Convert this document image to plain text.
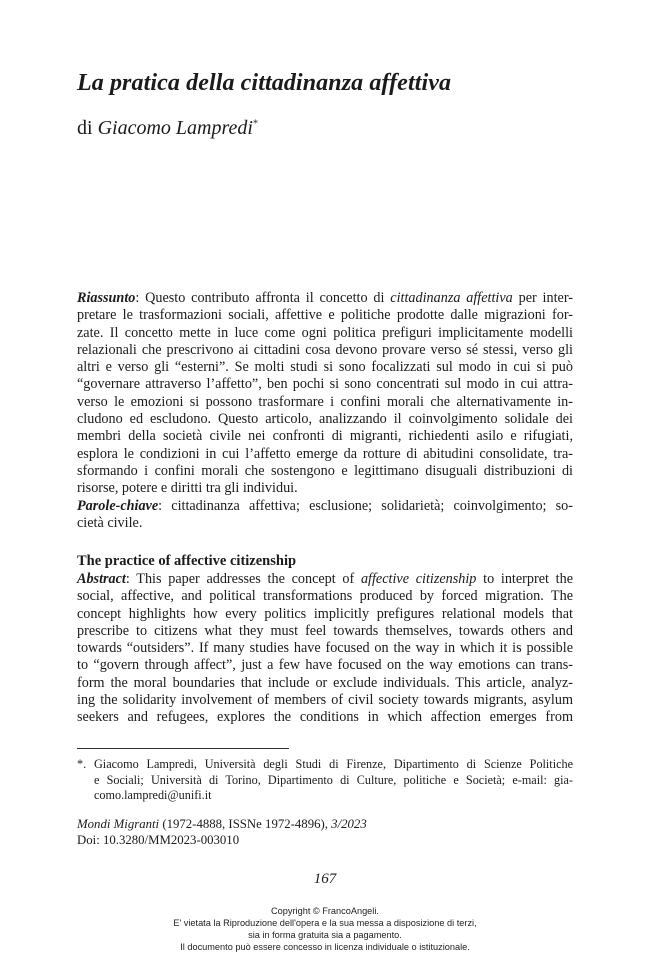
La pratica della cittadinanza affettiva
di Giacomo Lampredi*
Riassunto: Questo contributo affronta il concetto di cittadinanza affettiva per inter-
pretare le trasformazioni sociali, affettive e politiche prodotte dalle migrazioni for-
zate. Il concetto mette in luce come ogni politica prefiguri implicitamente modelli
relazionali che prescrivono ai cittadini cosa devono provare verso sé stessi, verso gli
altri e verso gli “esterni”. Se molti studi si sono focalizzati sul modo in cui si può
“governare attraverso l’affetto”, ben pochi si sono concentrati sul modo in cui attra-
verso le emozioni si possono trasformare i confini morali che alternativamente in-
cludono ed escludono. Questo articolo, analizzando il coinvolgimento solidale dei
membri della società civile nei confronti di migranti, richiedenti asilo e rifugiati,
esplora le condizioni in cui l’affetto emerge da rotture di abitudini consolidate, tra-
sformando i confini morali che sostengono e legittimano disuguali distribuzioni di
risorse, potere e diritti tra gli individui.
Parole-chiave: cittadinanza affettiva; esclusione; solidarietà; coinvolgimento; so-
cietà civile.
The practice of affective citizenship
Abstract: This paper addresses the concept of affective citizenship to interpret the
social, affective, and political transformations produced by forced migration. The
concept highlights how every politics implicitly prefigures relational models that
prescribe to citizens what they must feel towards themselves, towards others and
towards “outsiders”. If many studies have focused on the way in which it is possible
to “govern through affect”, just a few have focused on the way emotions can trans-
form the moral boundaries that include or exclude individuals. This article, analyz-
ing the solidarity involvement of members of civil society towards migrants, asylum
seekers and refugees, explores the conditions in which affection emerges from
*. Giacomo Lampredi, Università degli Studi di Firenze, Dipartimento di Scienze Politiche
e Sociali; Università di Torino, Dipartimento di Culture, politiche e Società; e-mail: gia-
como.lampredi@unifi.it
Mondi Migranti (1972-4888, ISSNe 1972-4896), 3/2023
Doi: 10.3280/MM2023-003010
167
Copyright © FrancoAngeli.
E' vietata la Riproduzione dell'opera e la sua messa a disposizione di terzi,
sia in forma gratuita sia a pagamento.
Il documento può essere concesso in licenza individuale o istituzionale.
